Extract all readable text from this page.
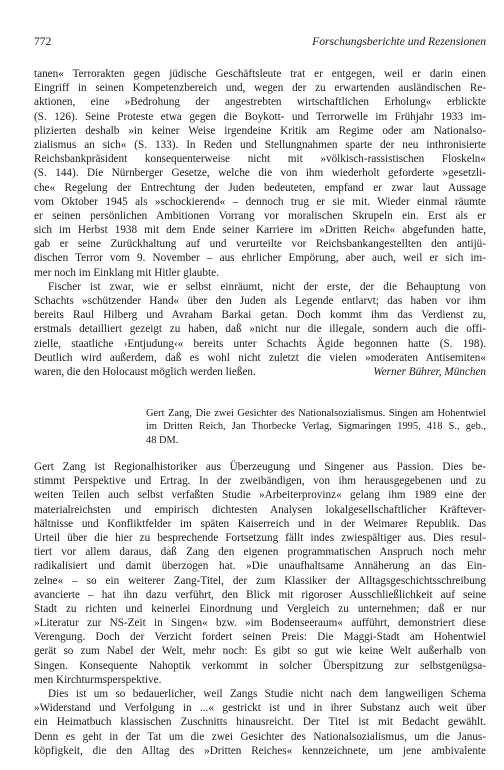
772	Forschungsberichte und Rezensionen
tanen« Terrorakten gegen jüdische Geschäftsleute trat er entgegen, weil er darin einen
Eingriff in seinen Kompetenzbereich und, wegen der zu erwartenden ausländischen Re-
aktionen, eine »Bedrohung der angestrebten wirtschaftlichen Erholung« erblickte
(S. 126). Seine Proteste etwa gegen die Boykott- und Terrorwelle im Frühjahr 1933 im-
plizierten deshalb »in keiner Weise irgendeine Kritik am Regime oder am Nationalso-
zialismus an sich« (S. 133). In Reden und Stellungnahmen sparte der neu inthronisierte
Reichsbankpräsident konsequenterweise nicht mit »völkisch-rassistischen Floskeln«
(S. 144). Die Nürnberger Gesetze, welche die von ihm wiederholt geforderte »gesetzli-
che« Regelung der Entrechtung der Juden bedeuteten, empfand er zwar laut Aussage
vom Oktober 1945 als »schockierend« – dennoch trug er sie mit. Wieder einmal räumte
er seinen persönlichen Ambitionen Vorrang vor moralischen Skrupeln ein. Erst als er
sich im Herbst 1938 mit dem Ende seiner Karriere im »Dritten Reich« abgefunden hatte,
gab er seine Zurückhaltung auf und verurteilte vor Reichsbankangestellten den antijü-
dischen Terror vom 9. November – aus ehrlicher Empörung, aber auch, weil er sich im-
mer noch im Einklang mit Hitler glaubte.
Fischer ist zwar, wie er selbst einräumt, nicht der erste, der die Behauptung von
Schachts »schützender Hand« über den Juden als Legende entlarvt; das haben vor ihm
bereits Raul Hilberg und Avraham Barkai getan. Doch kommt ihm das Verdienst zu,
erstmals detailliert gezeigt zu haben, daß »nicht nur die illegale, sondern auch die offi-
zielle, staatliche ›Entjudung‹« bereits unter Schachts Ägide begonnen hatte (S. 198).
Deutlich wird außerdem, daß es wohl nicht zuletzt die vielen »moderaten Antisemiten«
waren, die den Holocaust möglich werden ließen.	Werner Bührer, München
Gert Zang, Die zwei Gesichter des Nationalsozialismus. Singen am Hohentwiel
im Dritten Reich, Jan Thorbecke Verlag, Sigmaringen 1995, 418 S., geb.,
48 DM.
Gert Zang ist Regionalhistoriker aus Überzeugung und Singener aus Passion. Dies be-
stimmt Perspektive und Ertrag. In der zweibändigen, von ihm herausgegebenen und zu
weiten Teilen auch selbst verfaßten Studie »Arbeiterprovinz« gelang ihm 1989 eine der
materialreichsten und empirisch dichtesten Analysen lokalgesellschaftlicher Kräftever-
hältnisse und Konfliktfelder im späten Kaiserreich und in der Weimarer Republik. Das
Urteil über die hier zu besprechende Fortsetzung fällt indes zwiespältiger aus. Dies resul-
tiert vor allem daraus, daß Zang den eigenen programmatischen Anspruch noch mehr
radikalisiert und damit überzogen hat. »Die unaufhaltsame Annäherung an das Ein-
zelne« – so ein weiterer Zang-Titel, der zum Klassiker der Alltagsgeschichtsschreibung
avancierte – hat ihn dazu verführt, den Blick mit rigoroser Ausschließlichkeit auf seine
Stadt zu richten und keinerlei Einordnung und Vergleich zu unternehmen; daß er nur
»Literatur zur NS-Zeit in Singen« bzw. »im Bodenseeraum« aufführt, demonstriert diese
Verengung. Doch der Verzicht fordert seinen Preis: Die Maggi-Stadt am Hohentwiel
gerät so zum Nabel der Welt, mehr noch: Es gibt so gut wie keine Welt außerhalb von
Singen. Konsequente Nahoptik verkommt in solcher Überspitzung zur selbstgenügsa-
men Kirchturmsperspektive.
Dies ist um so bedauerlicher, weil Zangs Studie nicht nach dem langweiligen Schema
»Widerstand und Verfolgung in ...« gestrickt ist und in ihrer Substanz auch weit über
ein Heimatbuch klassischen Zuschnitts hinausreicht. Der Titel ist mit Bedacht gewählt.
Denn es geht in der Tat um die zwei Gesichter des Nationalsozialismus, um die Janus-
köpfigkeit, die den Alltag des »Dritten Reiches« kennzeichnete, um jene ambivalente
